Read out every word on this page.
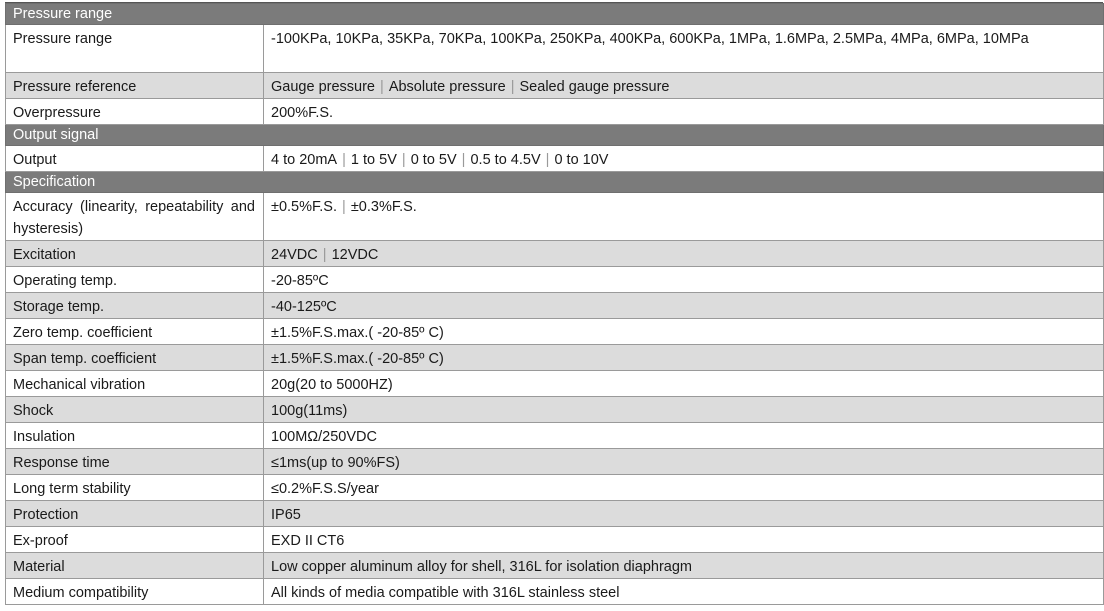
Pressure range	
Pressure range	-100KPa, 10KPa, 35KPa, 70KPa, 100KPa, 250KPa, 400KPa, 600KPa, 1MPa, 1.6MPa, 2.5MPa, 4MPa, 6MPa, 10MPa
Pressure reference	Gauge pressure | Absolute pressure | Sealed gauge pressure
Overpressure	200%F.S.
Output signal	
Output	4 to 20mA | 1 to 5V | 0 to 5V | 0.5 to 4.5V | 0 to 10V
Specification	
Accuracy (linearity, repeatability and hysteresis)	±0.5%F.S. | ±0.3%F.S.
Excitation	24VDC | 12VDC
Operating temp.	-20-85ºC
Storage temp.	-40-125ºC
Zero temp. coefficient	±1.5%F.S.max.( -20-85º C)
Span temp. coefficient	±1.5%F.S.max.( -20-85º C)
Mechanical vibration	20g(20 to 5000HZ)
Shock	100g(11ms)
Insulation	100MΩ/250VDC
Response time	≤1ms(up to 90%FS)
Long term stability	≤0.2%F.S.S/year
Protection	IP65
Ex-proof	EXD II CT6
Material	Low copper aluminum alloy for shell, 316L for isolation diaphragm
Medium compatibility	All kinds of media compatible with 316L stainless steel
